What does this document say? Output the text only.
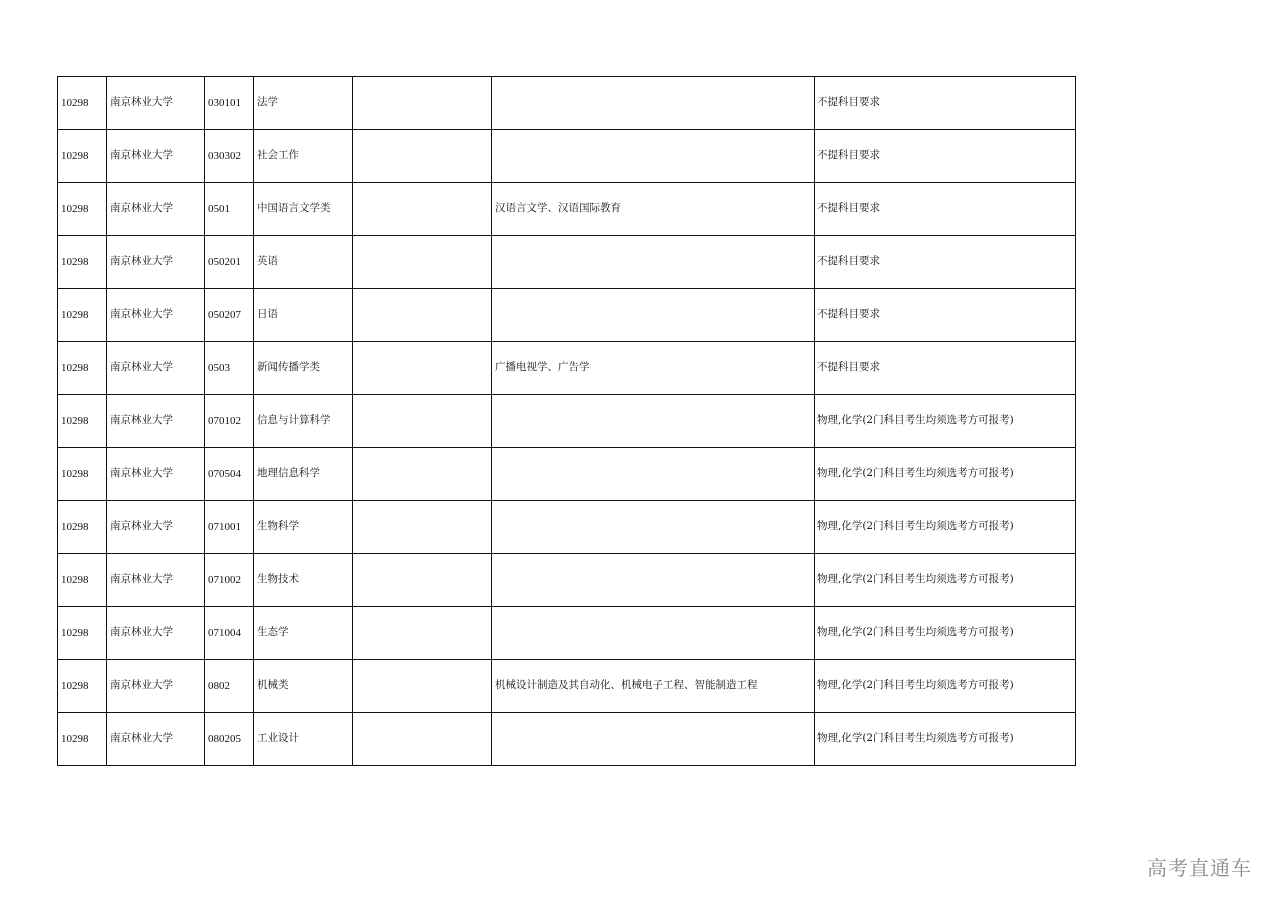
10298	南京林业大学	030101	法学			不提科目要求
10298	南京林业大学	030302	社会工作			不提科目要求
10298	南京林业大学	0501	中国语言文学类		汉语言文学、汉语国际教育	不提科目要求
10298	南京林业大学	050201	英语			不提科目要求
10298	南京林业大学	050207	日语			不提科目要求
10298	南京林业大学	0503	新闻传播学类		广播电视学、广告学	不提科目要求
10298	南京林业大学	070102	信息与计算科学			物理,化学(2门科目考生均须选考方可报考)
10298	南京林业大学	070504	地理信息科学			物理,化学(2门科目考生均须选考方可报考)
10298	南京林业大学	071001	生物科学			物理,化学(2门科目考生均须选考方可报考)
10298	南京林业大学	071002	生物技术			物理,化学(2门科目考生均须选考方可报考)
10298	南京林业大学	071004	生态学			物理,化学(2门科目考生均须选考方可报考)
10298	南京林业大学	0802	机械类		机械设计制造及其自动化、机械电子工程、智能制造工程	物理,化学(2门科目考生均须选考方可报考)
10298	南京林业大学	080205	工业设计			物理,化学(2门科目考生均须选考方可报考)
高考直通车
